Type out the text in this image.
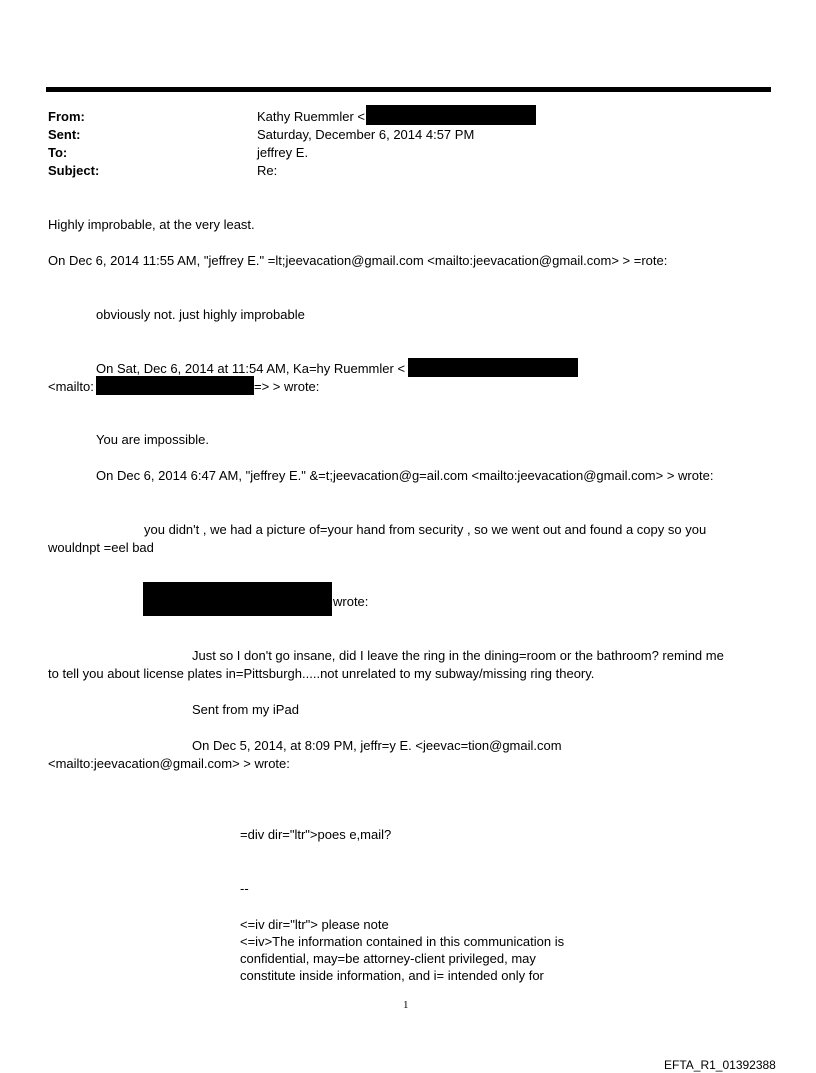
From:	Kathy Ruemmler <
Sent:	Saturday, December 6, 2014 4:57 PM
To:	jeffrey E.
Subject:	Re:
Highly improbable, at the very least.
On Dec 6, 2014 11:55 AM, "jeffrey E." =lt;jeevacation@gmail.com <mailto:jeevacation@gmail.com> > =rote:
obviously not. just highly improbable
On Sat, Dec 6, 2014 at 11:54 AM, Ka=hy Ruemmler <
<mailto:	=> > wrote:
You are impossible.
On Dec 6, 2014 6:47 AM, "jeffrey E." &=t;jeevacation@g=ail.com <mailto:jeevacation@gmail.com> > wrote:
you didn't , we had a picture of=your hand from security , so we went out and found a copy so you
wouldnpt =eel bad
wrote:
Just so I don't go insane, did I leave the ring in the dining=room or the bathroom? remind me
to tell you about license plates in=Pittsburgh.....not unrelated to my subway/missing ring theory.
Sent from my iPad
On Dec 5, 2014, at 8:09 PM, jeffr=y E. <jeevac=tion@gmail.com
<mailto:jeevacation@gmail.com> > wrote:
=div dir="ltr">poes e,mail?
--
<=iv dir="ltr"> please note
<=iv>The information contained in this communication is
confidential, may=be attorney-client privileged, may
constitute inside information, and i= intended only for
1
EFTA_R1_01392388
